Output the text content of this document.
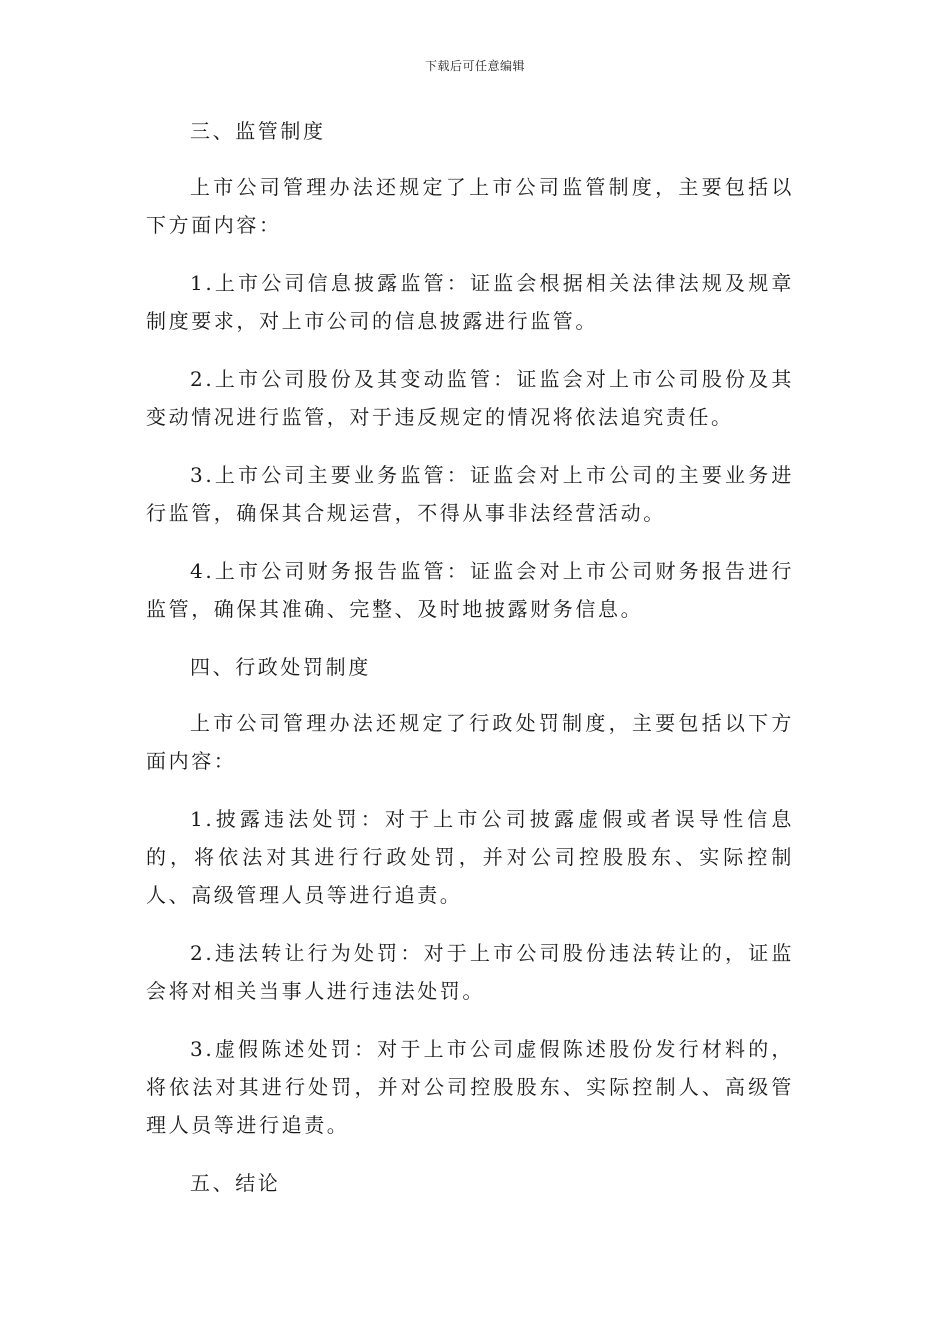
下载后可任意编辑

三、监管制度

上市公司管理办法还规定了上市公司监管制度，主要包括以下方面内容：

1.上市公司信息披露监管：证监会根据相关法律法规及规章制度要求，对上市公司的信息披露进行监管。

2.上市公司股份及其变动监管：证监会对上市公司股份及其变动情况进行监管，对于违反规定的情况将依法追究责任。

3.上市公司主要业务监管：证监会对上市公司的主要业务进行监管，确保其合规运营，不得从事非法经营活动。

4.上市公司财务报告监管：证监会对上市公司财务报告进行监管，确保其准确、完整、及时地披露财务信息。

四、行政处罚制度

上市公司管理办法还规定了行政处罚制度，主要包括以下方面内容：

1.披露违法处罚：对于上市公司披露虚假或者误导性信息的，将依法对其进行行政处罚，并对公司控股股东、实际控制人、高级管理人员等进行追责。

2.违法转让行为处罚：对于上市公司股份违法转让的，证监会将对相关当事人进行违法处罚。

3.虚假陈述处罚：对于上市公司虚假陈述股份发行材料的，将依法对其进行处罚，并对公司控股股东、实际控制人、高级管理人员等进行追责。

五、结论
